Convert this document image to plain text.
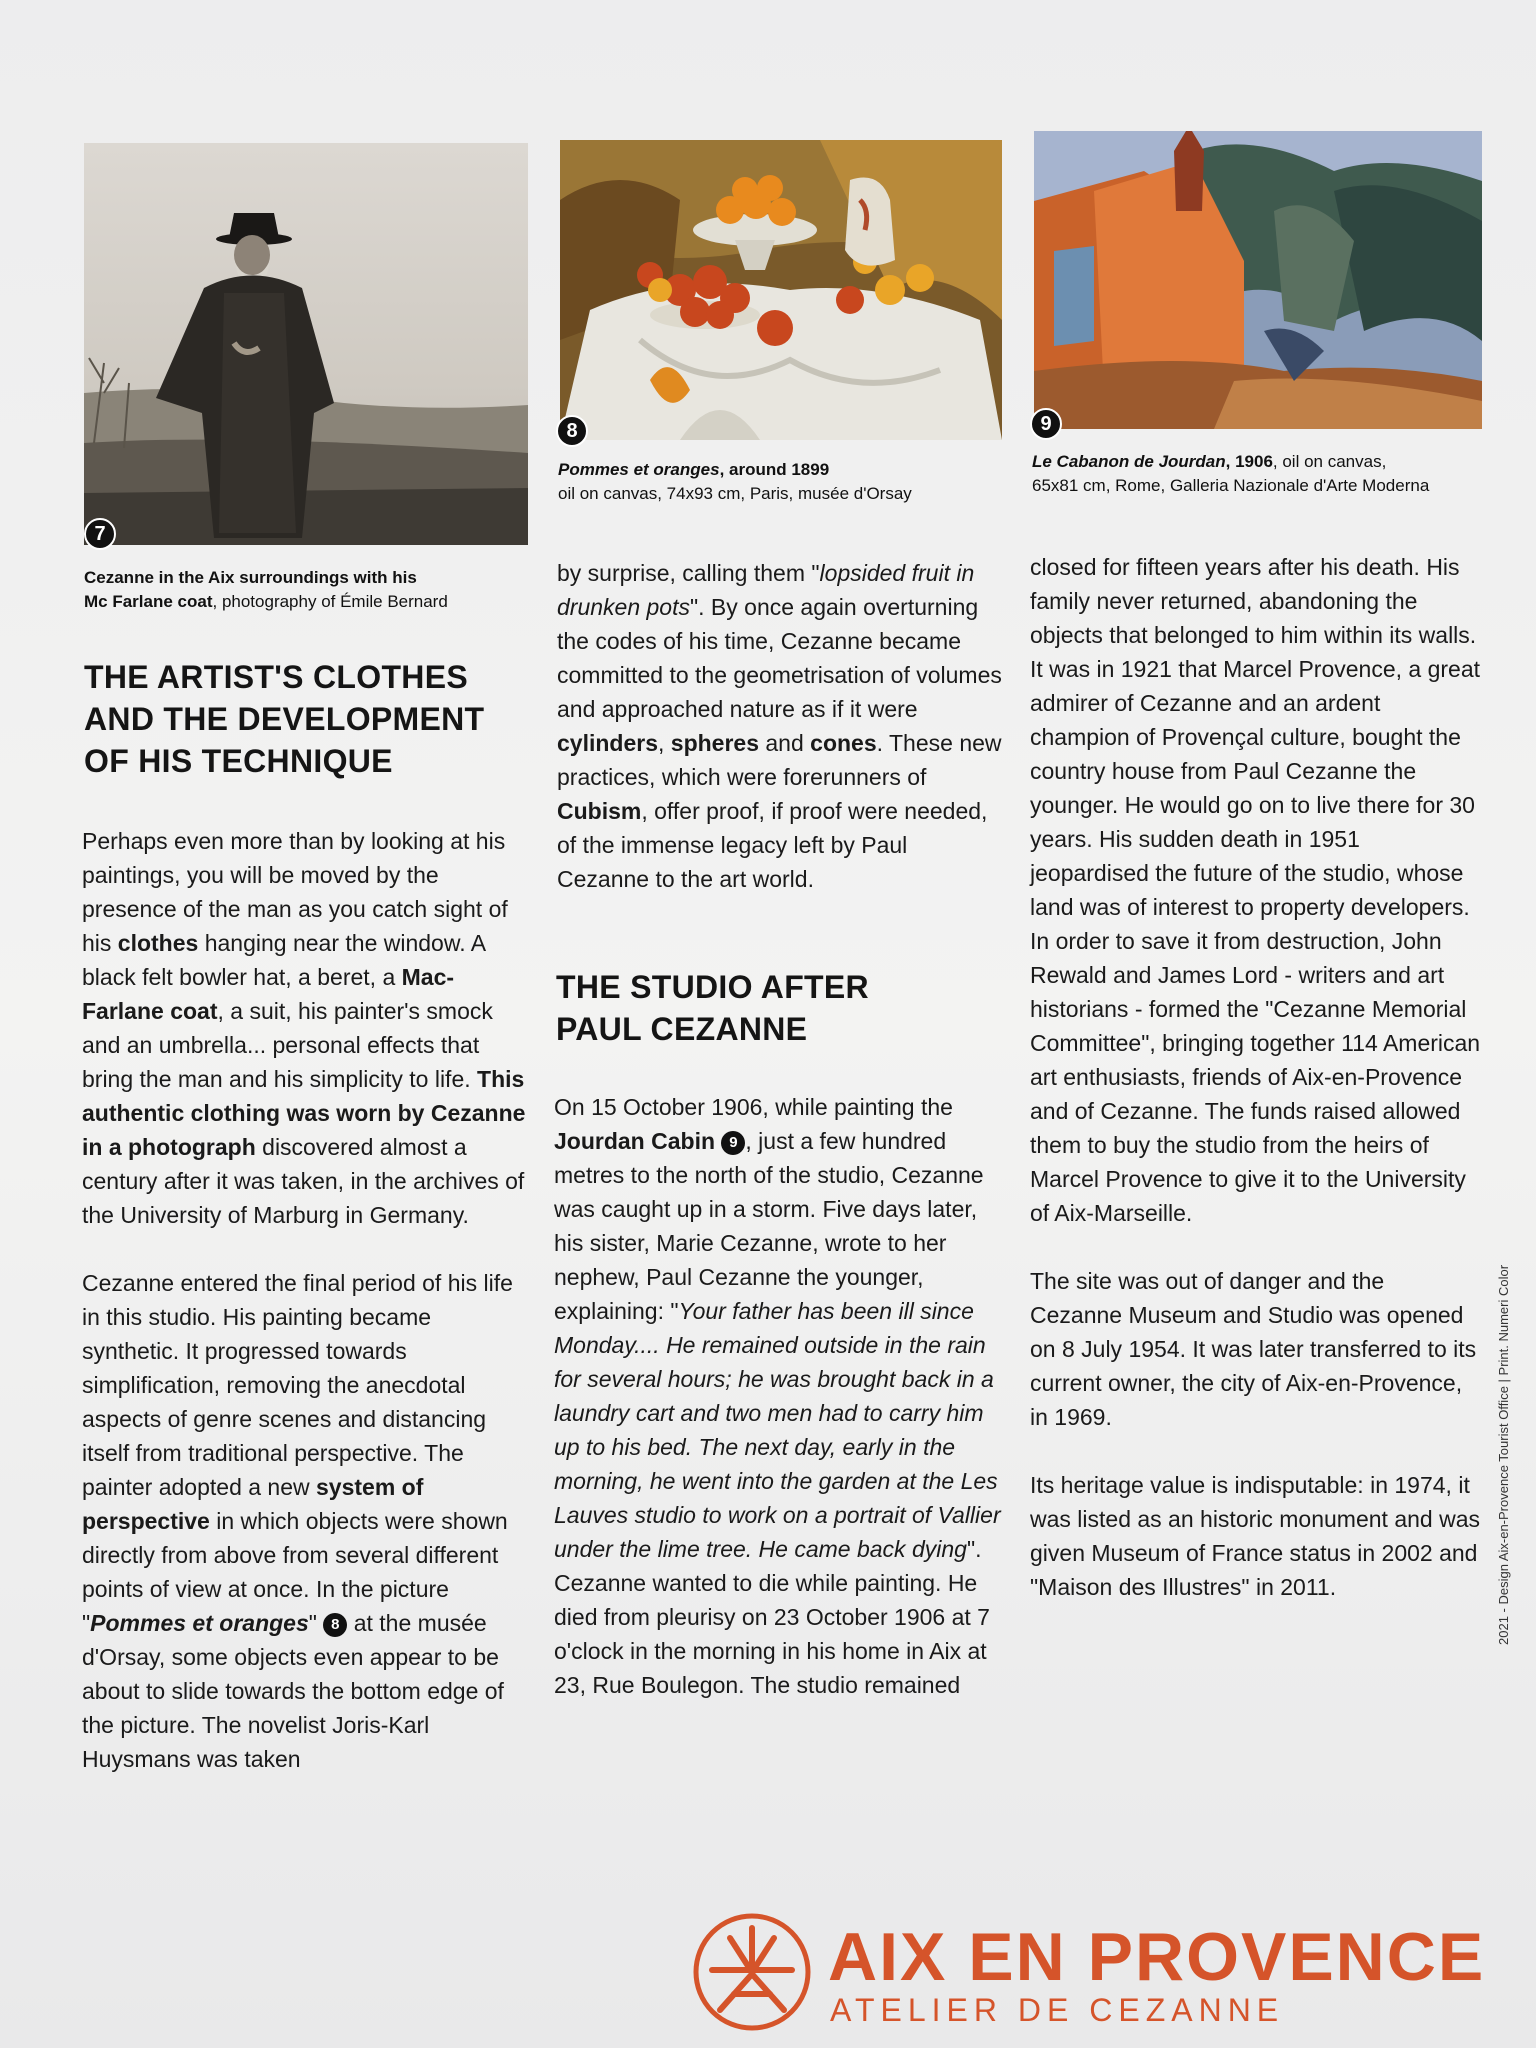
7
8	9
Cezanne in the Aix surroundings with his
Mc Farlane coat, photography of Émile Bernard
Pommes et oranges, around 1899
oil on canvas, 74x93 cm, Paris, musée d'Orsay
Le Cabanon de Jourdan, 1906, oil on canvas,
65x81 cm, Rome, Galleria Nazionale d'Arte Moderna
THE ARTIST'S CLOTHES
AND THE DEVELOPMENT
OF HIS TECHNIQUE

Perhaps even more than by looking at his paintings, you will be moved by the presence of the man as you catch sight of his clothes hanging near the window. A black felt bowler hat, a beret, a Mac-Farlane coat, a suit, his painter's smock and an umbrella... personal effects that bring the man and his simplicity to life. This authentic clothing was worn by Cezanne in a photograph discovered almost a century after it was taken, in the archives of the University of Marburg in Germany.

Cezanne entered the final period of his life in this studio. His painting became synthetic. It progressed towards simplification, removing the anecdotal aspects of genre scenes and distancing itself from traditional perspective. The painter adopted a new system of perspective in which objects were shown directly from above from several different points of view at once. In the picture "Pommes et oranges" 8 at the musée d'Orsay, some objects even appear to be about to slide towards the bottom edge of the picture. The novelist Joris-Karl Huysmans was taken

by surprise, calling them "lopsided fruit in drunken pots". By once again overturning the codes of his time, Cezanne became committed to the geometrisation of volumes and approached nature as if it were cylinders, spheres and cones. These new practices, which were forerunners of Cubism, offer proof, if proof were needed, of the immense legacy left by Paul Cezanne to the art world.

THE STUDIO AFTER
PAUL CEZANNE

On 15 October 1906, while painting the Jourdan Cabin 9 , just a few hundred metres to the north of the studio, Cezanne was caught up in a storm. Five days later, his sister, Marie Cezanne, wrote to her nephew, Paul Cezanne the younger, explaining: "Your father has been ill since Monday.... He remained outside in the rain for several hours; he was brought back in a laundry cart and two men had to carry him up to his bed. The next day, early in the morning, he went into the garden at the Les Lauves studio to work on a portrait of Vallier under the lime tree. He came back dying". Cezanne wanted to die while painting. He died from pleurisy on 23 October 1906 at 7 o'clock in the morning in his home in Aix at 23, Rue Boulegon. The studio remained

closed for fifteen years after his death. His family never returned, abandoning the objects that belonged to him within its walls. It was in 1921 that Marcel Provence, a great admirer of Cezanne and an ardent champion of Provençal culture, bought the country house from Paul Cezanne the younger. He would go on to live there for 30 years. His sudden death in 1951 jeopardised the future of the studio, whose land was of interest to property developers. In order to save it from destruction, John Rewald and James Lord - writers and art historians - formed the "Cezanne Memorial Committee", bringing together 114 American art enthusiasts, friends of Aix-en-Provence and of Cezanne. The funds raised allowed them to buy the studio from the heirs of Marcel Provence to give it to the University of Aix-Marseille.

The site was out of danger and the Cezanne Museum and Studio was opened on 8 July 1954. It was later transferred to its current owner, the city of Aix-en-Provence, in 1969.

Its heritage value is indisputable: in 1974, it was listed as an historic monument and was given Museum of France status in 2002 and "Maison des Illustres" in 2011.	2021 - Design Aix-en-Provence Tourist Office | Print. Numeri Color
AIX EN PROVENCE
ATELIER DE CEZANNE
